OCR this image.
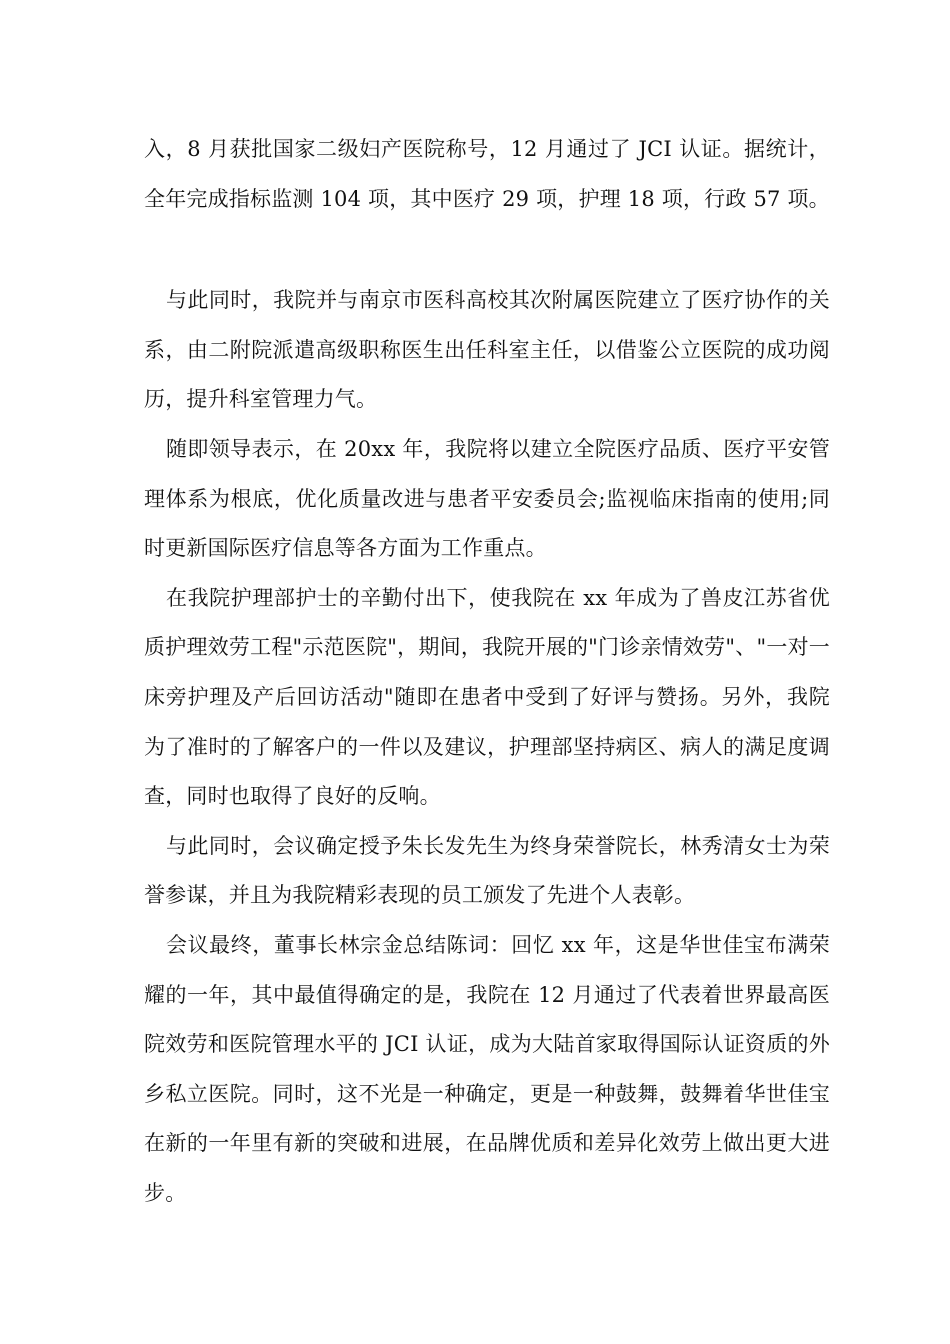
入，8 月获批国家二级妇产医院称号，12 月通过了 JCI 认证。据统计，全年完成指标监测 104 项，其中医疗 29 项，护理 18 项，行政 57 项。

与此同时，我院并与南京市医科高校其次附属医院建立了医疗协作的关系，由二附院派遣高级职称医生出任科室主任，以借鉴公立医院的成功阅历，提升科室管理力气。

随即领导表示，在 20xx 年，我院将以建立全院医疗品质、医疗平安管理体系为根底，优化质量改进与患者平安委员会;监视临床指南的使用;同时更新国际医疗信息等各方面为工作重点。

在我院护理部护士的辛勤付出下，使我院在 xx 年成为了兽皮江苏省优质护理效劳工程"示范医院"，期间，我院开展的"门诊亲情效劳"、"一对一床旁护理及产后回访活动"随即在患者中受到了好评与赞扬。另外，我院为了准时的了解客户的一件以及建议，护理部坚持病区、病人的满足度调查，同时也取得了良好的反响。

与此同时，会议确定授予朱长发先生为终身荣誉院长，林秀清女士为荣誉参谋，并且为我院精彩表现的员工颁发了先进个人表彰。

会议最终，董事长林宗金总结陈词：回忆 xx 年，这是华世佳宝布满荣耀的一年，其中最值得确定的是，我院在 12 月通过了代表着世界最高医院效劳和医院管理水平的 JCI 认证，成为大陆首家取得国际认证资质的外乡私立医院。同时，这不光是一种确定，更是一种鼓舞，鼓舞着华世佳宝在新的一年里有新的突破和进展，在品牌优质和差异化效劳上做出更大进步。
